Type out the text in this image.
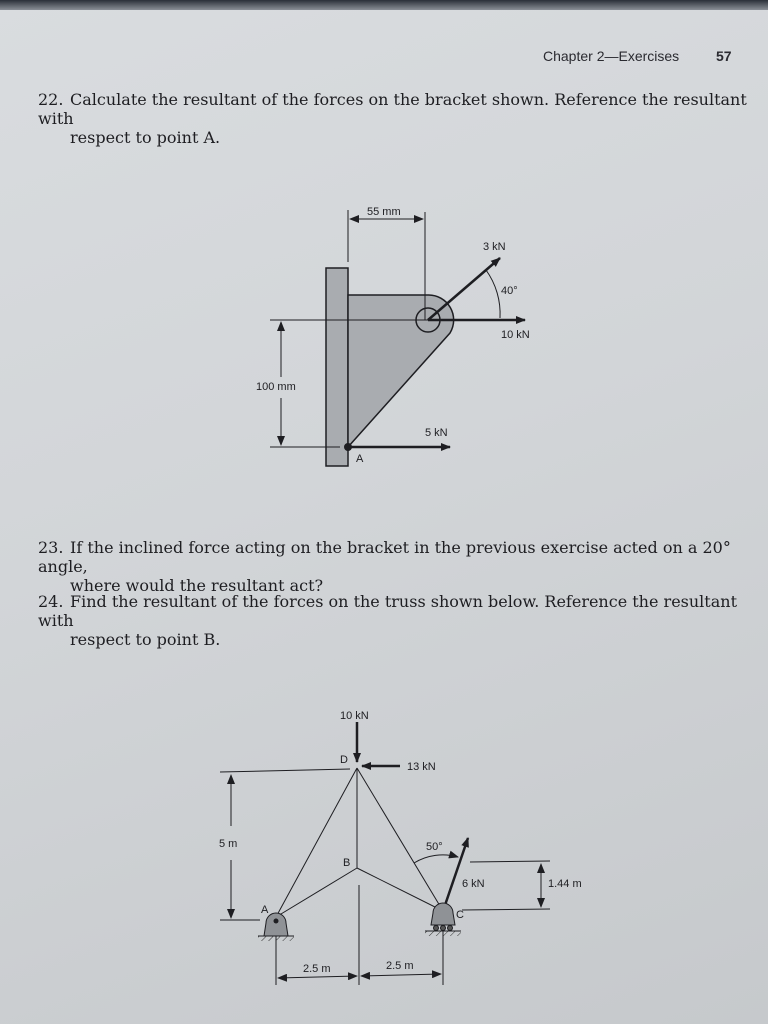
Chapter 2—Exercises	57
22. Calculate the resultant of the forces on the bracket shown. Reference the resultant with
respect to point A.
23. If the inclined force acting on the bracket in the previous exercise acted on a 20° angle,
where would the resultant act?
24. Find the resultant of the forces on the truss shown below. Reference the resultant with
respect to point B.
55 mm
3 kN
40°
10 kN
100 mm
5 kN
A
10 kN
D
13 kN
5 m	50°
B
6 kN	1.44 m
A	C
2.5 m	2.5 m
